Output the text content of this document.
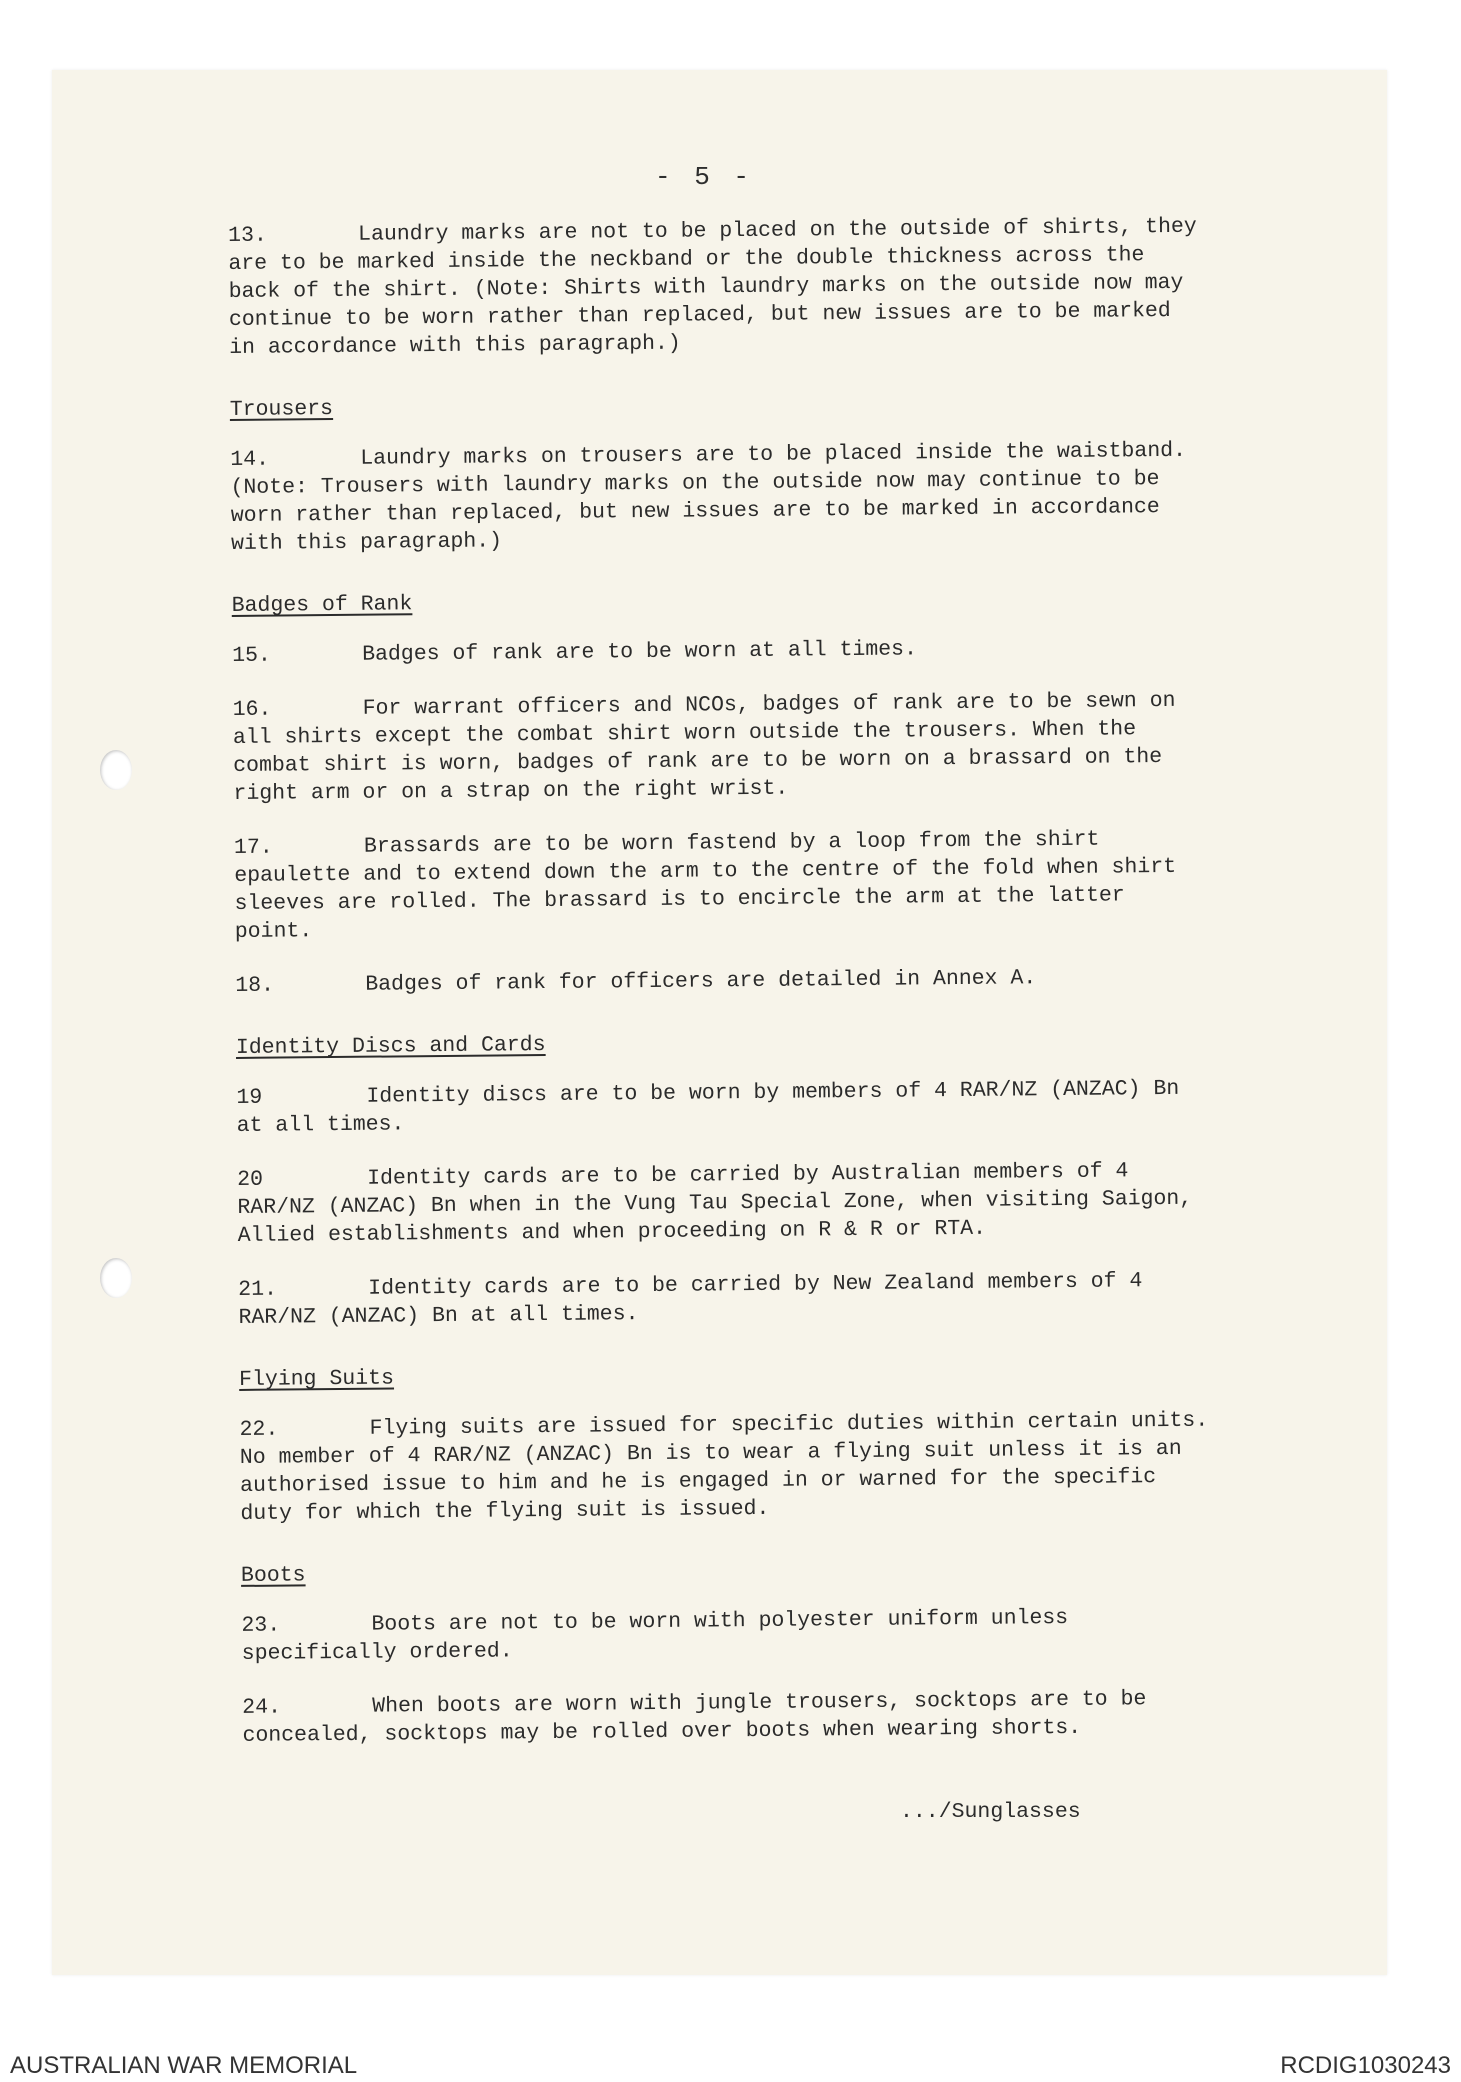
- 5 -
13.	Laundry marks are not to be placed on the outside of shirts, they are to be marked inside the neckband or the double thickness across the back of the shirt. (Note: Shirts with laundry marks on the outside now may continue to be worn rather than replaced, but new issues are to be marked in accordance with this paragraph.)
Trousers
14.	Laundry marks on trousers are to be placed inside the waistband. (Note: Trousers with laundry marks on the outside now may continue to be worn rather than replaced, but new issues are to be marked in accordance with this paragraph.)
Badges of Rank
15.	Badges of rank are to be worn at all times.
16.	For warrant officers and NCOs, badges of rank are to be sewn on all shirts except the combat shirt worn outside the trousers. When the combat shirt is worn, badges of rank are to be worn on a brassard on the right arm or on a strap on the right wrist.
17.	Brassards are to be worn fastend by a loop from the shirt epaulette and to extend down the arm to the centre of the fold when shirt sleeves are rolled. The brassard is to encircle the arm at the latter point.
18.	Badges of rank for officers are detailed in Annex A.
Identity Discs and Cards
19	Identity discs are to be worn by members of 4 RAR/NZ (ANZAC) Bn at all times.
20	Identity cards are to be carried by Australian members of 4 RAR/NZ (ANZAC) Bn when in the Vung Tau Special Zone, when visiting Saigon, Allied establishments and when proceeding on R & R or RTA.
21.	Identity cards are to be carried by New Zealand members of 4 RAR/NZ (ANZAC) Bn at all times.
Flying Suits
22.	Flying suits are issued for specific duties within certain units. No member of 4 RAR/NZ (ANZAC) Bn is to wear a flying suit unless it is an authorised issue to him and he is engaged in or warned for the specific duty for which the flying suit is issued.
Boots
23.	Boots are not to be worn with polyester uniform unless specifically ordered.
24.	When boots are worn with jungle trousers, socktops are to be concealed, socktops may be rolled over boots when wearing shorts.
.../Sunglasses
AUSTRALIAN WAR MEMORIAL	RCDIG1030243
